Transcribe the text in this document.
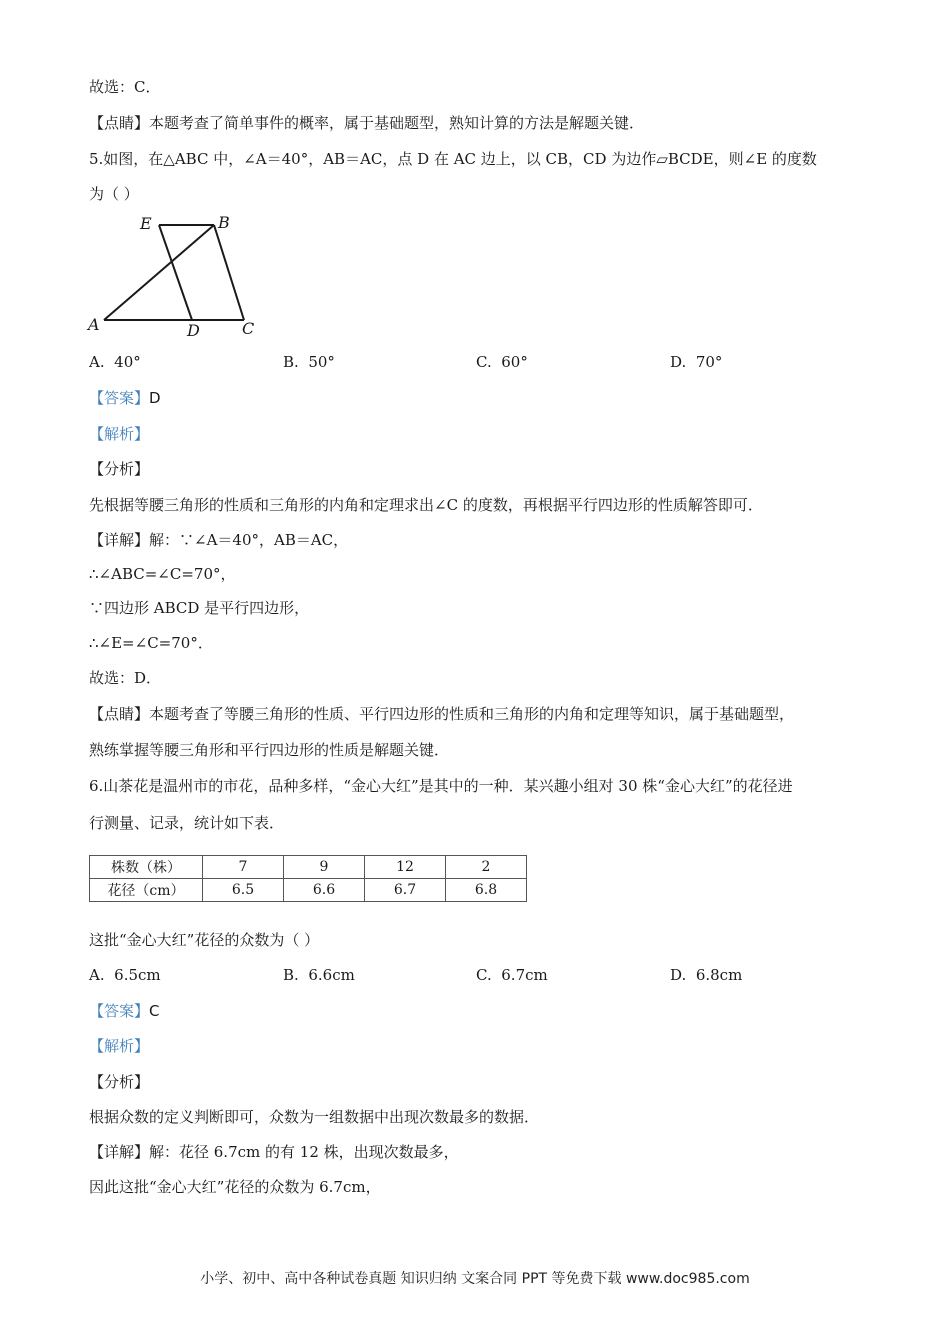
故选：C．
【点睛】本题考查了简单事件的概率，属于基础题型，熟知计算的方法是解题关键．
5.如图，在△ABC 中，∠A＝40°，AB＝AC，点 D 在 AC 边上，以 CB，CD 为边作▱BCDE，则∠E 的度数
为（ ）
E	B
A	D	C
A. 40°	B. 50°	C. 60°	D. 70°
【答案】D
【解析】
【分析】
先根据等腰三角形的性质和三角形的内角和定理求出∠C 的度数，再根据平行四边形的性质解答即可．
【详解】解：∵∠A＝40°，AB＝AC，
∴∠ABC=∠C=70°，
∵四边形 ABCD 是平行四边形，
∴∠E=∠C=70°．
故选：D．
【点睛】本题考查了等腰三角形的性质、平行四边形的性质和三角形的内角和定理等知识，属于基础题型，
熟练掌握等腰三角形和平行四边形的性质是解题关键．
6.山茶花是温州市的市花，品种多样，“金心大红”是其中的一种．某兴趣小组对 30 株“金心大红”的花径进
行测量、记录，统计如下表．
株数（株）	7	9	12	2
花径（cm）	6.5	6.6	6.7	6.8
这批“金心大红”花径的众数为（ ）
A. 6.5cm	B. 6.6cm	C. 6.7cm	D. 6.8cm
【答案】C
【解析】
【分析】
根据众数的定义判断即可，众数为一组数据中出现次数最多的数据．
【详解】解：花径 6.7cm 的有 12 株，出现次数最多，
因此这批“金心大红”花径的众数为 6.7cm，
小学、初中、高中各种试卷真题 知识归纳 文案合同 PPT 等免费下载 www.doc985.com
